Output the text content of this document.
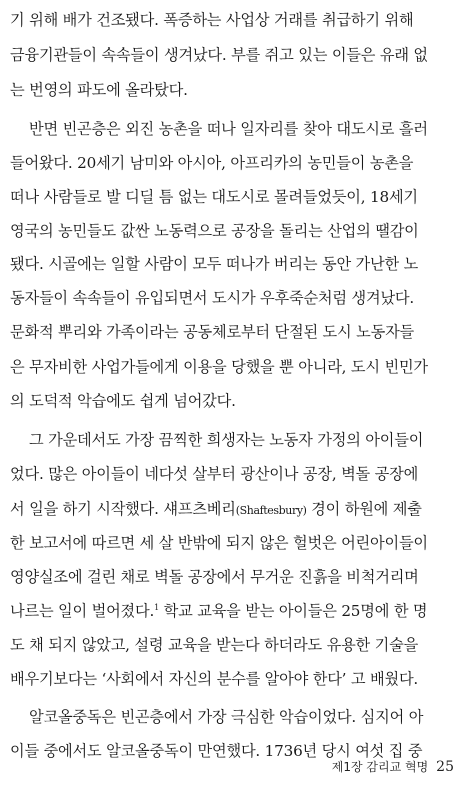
기 위해 배가 건조됐다. 폭증하는 사업상 거래를 취급하기 위해
금융기관들이 속속들이 생겨났다. 부를 쥐고 있는 이들은 유래 없
는 번영의 파도에 올라탔다.
반면 빈곤층은 외진 농촌을 떠나 일자리를 찾아 대도시로 흘러
들어왔다. 20세기 남미와 아시아, 아프리카의 농민들이 농촌을
떠나 사람들로 발 디딜 틈 없는 대도시로 몰려들었듯이, 18세기
영국의 농민들도 값싼 노동력으로 공장을 돌리는 산업의 땔감이
됐다. 시골에는 일할 사람이 모두 떠나가 버리는 동안 가난한 노
동자들이 속속들이 유입되면서 도시가 우후죽순처럼 생겨났다.
문화적 뿌리와 가족이라는 공동체로부터 단절된 도시 노동자들
은 무자비한 사업가들에게 이용을 당했을 뿐 아니라, 도시 빈민가
의 도덕적 악습에도 쉽게 넘어갔다.
그 가운데서도 가장 끔찍한 희생자는 노동자 가정의 아이들이
었다. 많은 아이들이 네다섯 살부터 광산이나 공장, 벽돌 공장에
서 일을 하기 시작했다. 섀프츠베리(Shaftesbury) 경이 하원에 제출
한 보고서에 따르면 세 살 반밖에 되지 않은 헐벗은 어린아이들이
영양실조에 걸린 채로 벽돌 공장에서 무거운 진흙을 비척거리며
나르는 일이 벌어졌다.$^1$ 학교 교육을 받는 아이들은 25명에 한 명
도 채 되지 않았고, 설령 교육을 받는다 하더라도 유용한 기술을
배우기보다는 ‘사회에서 자신의 분수를 알아야 한다’ 고 배웠다.
알코올중독은 빈곤층에서 가장 극심한 악습이었다. 심지어 아
이들 중에서도 알코올중독이 만연했다. 1736년 당시 여섯 집 중
제1장 감리교 혁명 25
